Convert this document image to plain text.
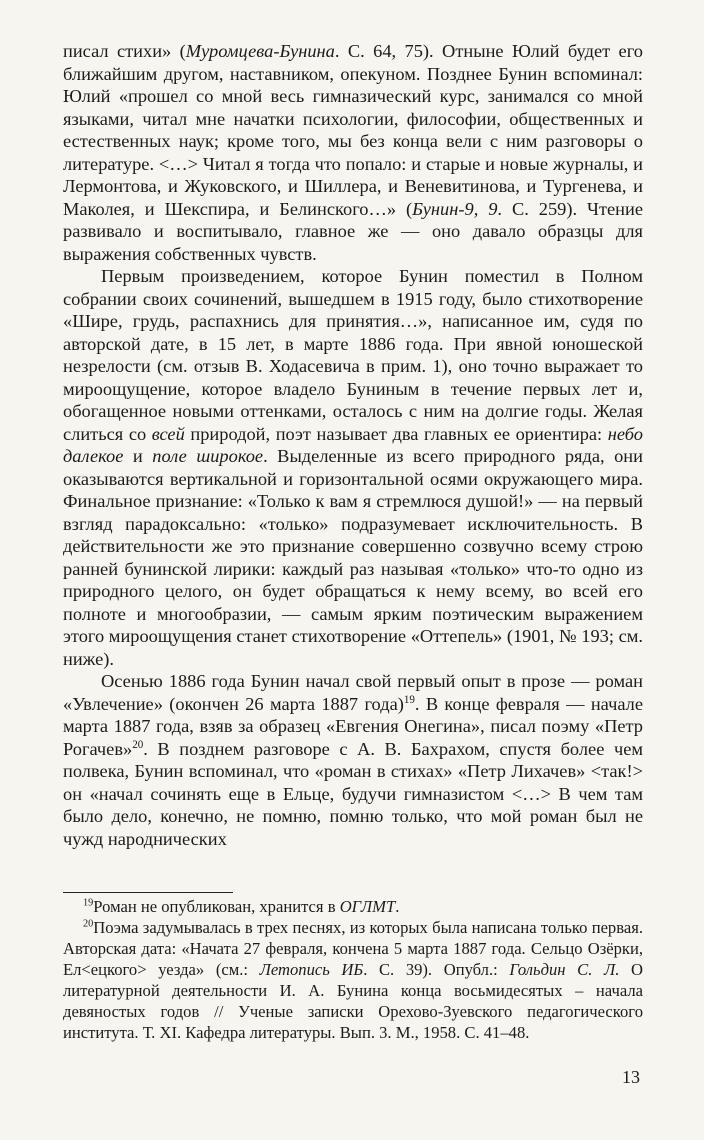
писал стихи» (Муромцева-Бунина. С. 64, 75). Отныне Юлий будет его ближайшим другом, наставником, опекуном. Позднее Бунин вспоминал: Юлий «прошел со мной весь гимназический курс, занимался со мной языками, читал мне начатки психологии, философии, общественных и естественных наук; кроме того, мы без конца вели с ним разговоры о литературе. <…> Читал я тогда что попало: и старые и новые журналы, и Лермонтова, и Жуковского, и Шиллера, и Веневитинова, и Тургенева, и Маколея, и Шекспира, и Белинского…» (Бунин-9, 9. С. 259). Чтение развивало и воспитывало, главное же — оно давало образцы для выражения собственных чувств.

Первым произведением, которое Бунин поместил в Полном собрании своих сочинений, вышедшем в 1915 году, было стихотворение «Шире, грудь, распахнись для принятия…», написанное им, судя по авторской дате, в 15 лет, в марте 1886 года. При явной юношеской незрелости (см. отзыв В. Ходасевича в прим. 1), оно точно выражает то мироощущение, которое владело Буниным в течение первых лет и, обогащенное новыми оттенками, осталось с ним на долгие годы. Желая слиться со всей природой, поэт называет два главных ее ориентира: небо далекое и поле широкое. Выделенные из всего природного ряда, они оказываются вертикальной и горизонтальной осями окружающего мира. Финальное признание: «Только к вам я стремлюся душой!» — на первый взгляд парадоксально: «только» подразумевает исключительность. В действительности же это признание совершенно созвучно всему строю ранней бунинской лирики: каждый раз называя «только» что-то одно из природного целого, он будет обращаться к нему всему, во всей его полноте и многообразии, — самым ярким поэтическим выражением этого мироощущения станет стихотворение «Оттепель» (1901, № 193; см. ниже).

Осенью 1886 года Бунин начал свой первый опыт в прозе — роман «Увлечение» (окончен 26 марта 1887 года)$^{19}$. В конце февраля — начале марта 1887 года, взяв за образец «Евгения Онегина», писал поэму «Петр Рогачев»$^{20}$. В позднем разговоре с А. В. Бахрахом, спустя более чем полвека, Бунин вспоминал, что «роман в стихах» «Петр Лихачев» <так!> он «начал сочинять еще в Ельце, будучи гимназистом <…> В чем там было дело, конечно, не помню, помню только, что мой роман был не чужд народнических

$^{19}$Роман не опубликован, хранится в ОГЛМТ.

$^{20}$Поэма задумывалась в трех песнях, из которых была написана только первая. Авторская дата: «Начата 27 февраля, кончена 5 марта 1887 года. Сельцо Озёрки, Ел<ецкого> уезда» (см.: Летопись ИБ. С. 39). Опубл.: Гольдин С. Л. О литературной деятельности И. А. Бунина конца восьмидесятых – начала девяностых годов // Ученые записки Орехово-Зуевского педагогического института. Т. XI. Кафедра литературы. Вып. 3. М., 1958. С. 41–48.

13
